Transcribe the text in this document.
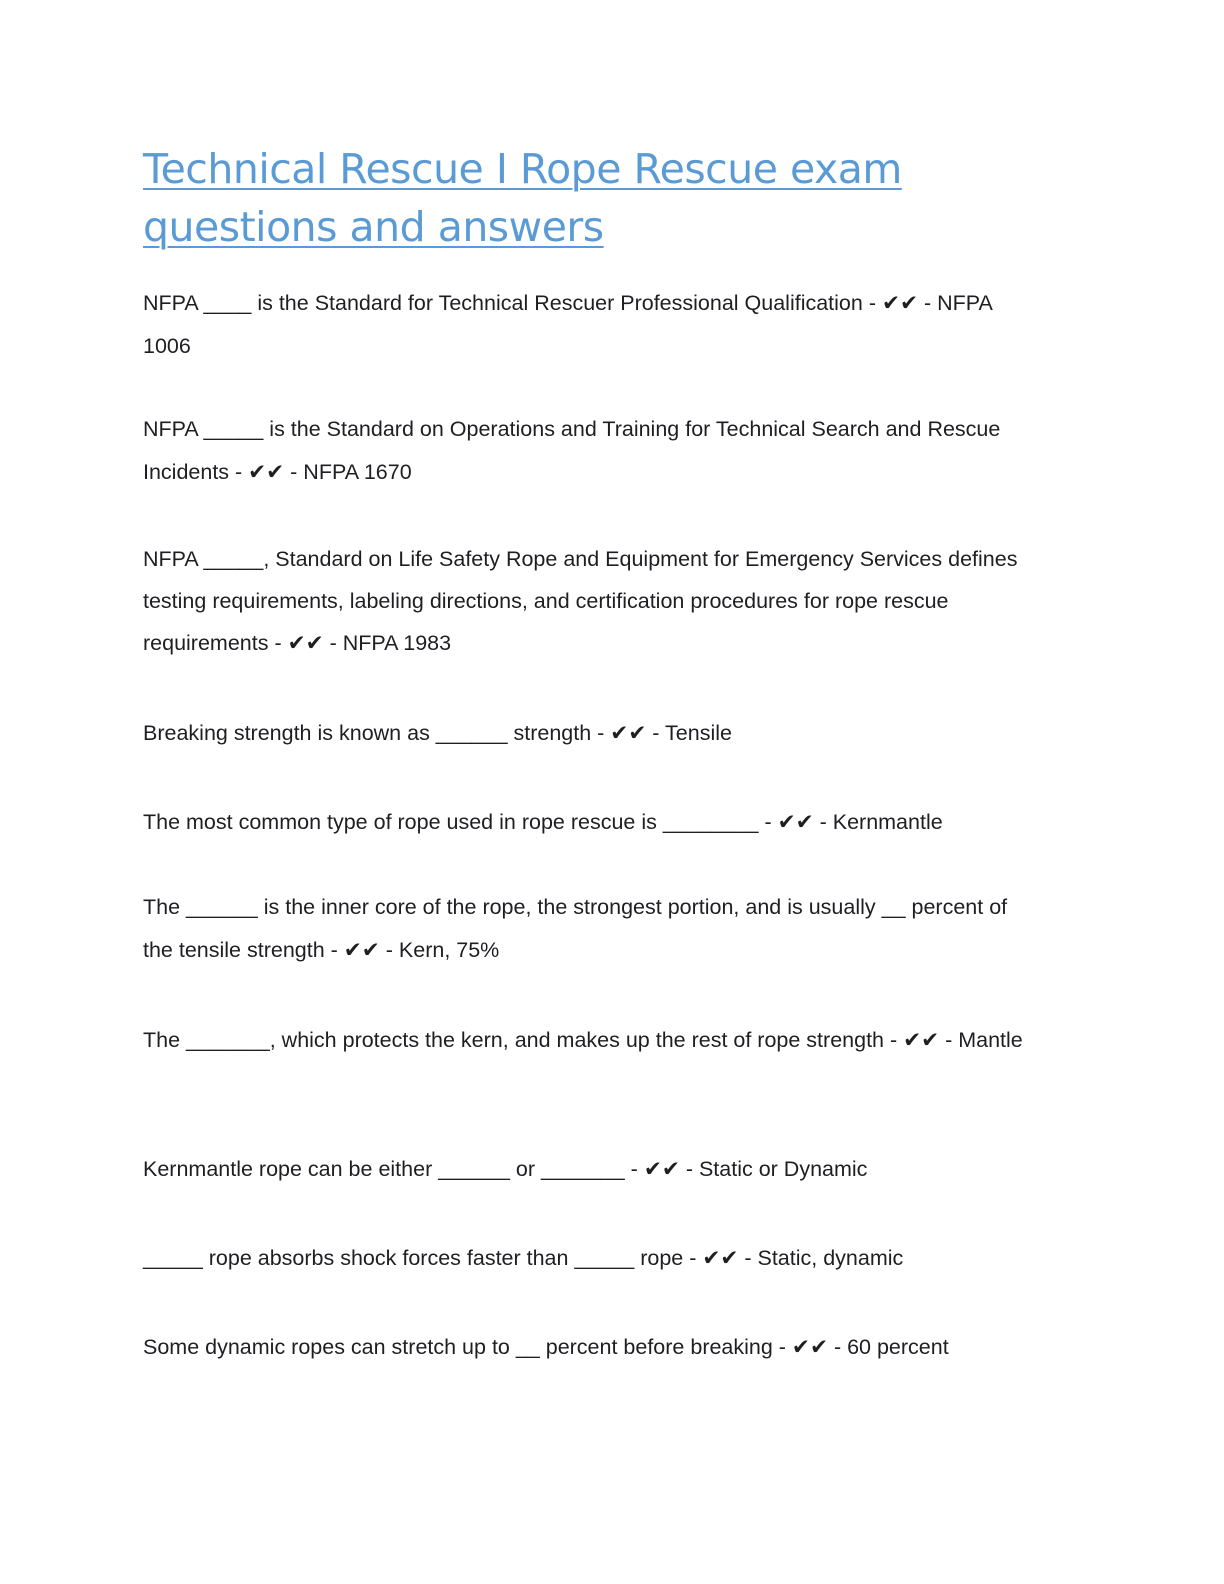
Technical Rescue I Rope Rescue exam questions and answers

NFPA ____ is the Standard for Technical Rescuer Professional Qualification - ✔✔ - NFPA 1006

NFPA _____ is the Standard on Operations and Training for Technical Search and Rescue Incidents - ✔✔ - NFPA 1670

NFPA _____, Standard on Life Safety Rope and Equipment for Emergency Services defines testing requirements, labeling directions, and certification procedures for rope rescue requirements - ✔✔ - NFPA 1983

Breaking strength is known as ______ strength - ✔✔ - Tensile

The most common type of rope used in rope rescue is ________ - ✔✔ - Kernmantle

The ______ is the inner core of the rope, the strongest portion, and is usually __ percent of the tensile strength - ✔✔ - Kern, 75%

The _______, which protects the kern, and makes up the rest of rope strength - ✔✔ - Mantle

Kernmantle rope can be either ______ or _______ - ✔✔ - Static or Dynamic

_____ rope absorbs shock forces faster than _____ rope - ✔✔ - Static, dynamic

Some dynamic ropes can stretch up to __ percent before breaking - ✔✔ - 60 percent
